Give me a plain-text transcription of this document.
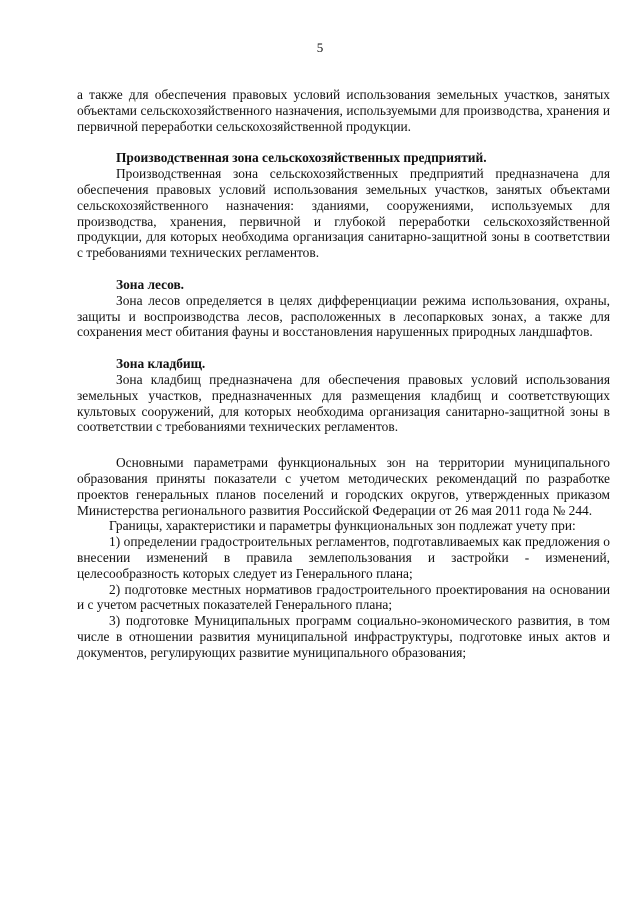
5

а также для обеспечения правовых условий использования земельных участков, занятых объектами сельскохозяйственного назначения, используемыми для производства, хранения и первичной переработки сельскохозяйственной продукции.

Производственная зона сельскохозяйственных предприятий.

Производственная зона сельскохозяйственных предприятий предназначена для обеспечения правовых условий использования земельных участков, занятых объектами сельскохозяйственного назначения: зданиями, сооружениями, используемых для производства, хранения, первичной и глубокой переработки сельскохозяйственной продукции, для которых необходима организация санитарно-защитной зоны в соответствии с требованиями технических регламентов.

Зона лесов.

Зона лесов определяется в целях дифференциации режима использования, охраны, защиты и воспроизводства лесов, расположенных в лесопарковых зонах, а также для сохранения мест обитания фауны и восстановления нарушенных природных ландшафтов.

Зона кладбищ.

Зона кладбищ предназначена для обеспечения правовых условий использования земельных участков, предназначенных для размещения кладбищ и соответствующих культовых сооружений, для которых необходима организация санитарно-защитной зоны в соответствии с требованиями технических регламентов.

Основными параметрами функциональных зон на территории муниципального образования приняты показатели с учетом методических рекомендаций по разработке проектов генеральных планов поселений и городских округов, утвержденных приказом Министерства регионального развития Российской Федерации от 26 мая 2011 года № 244.

Границы, характеристики и параметры функциональных зон подлежат учету при:

1) определении градостроительных регламентов, подготавливаемых как предложения о внесении изменений в правила землепользования и застройки - изменений, целесообразность которых следует из Генерального плана;

2) подготовке местных нормативов градостроительного проектирования на основании и с учетом расчетных показателей Генерального плана;

3) подготовке Муниципальных программ социально-экономического развития, в том числе в отношении развития муниципальной инфраструктуры, подготовке иных актов и документов, регулирующих развитие муниципального образования;
